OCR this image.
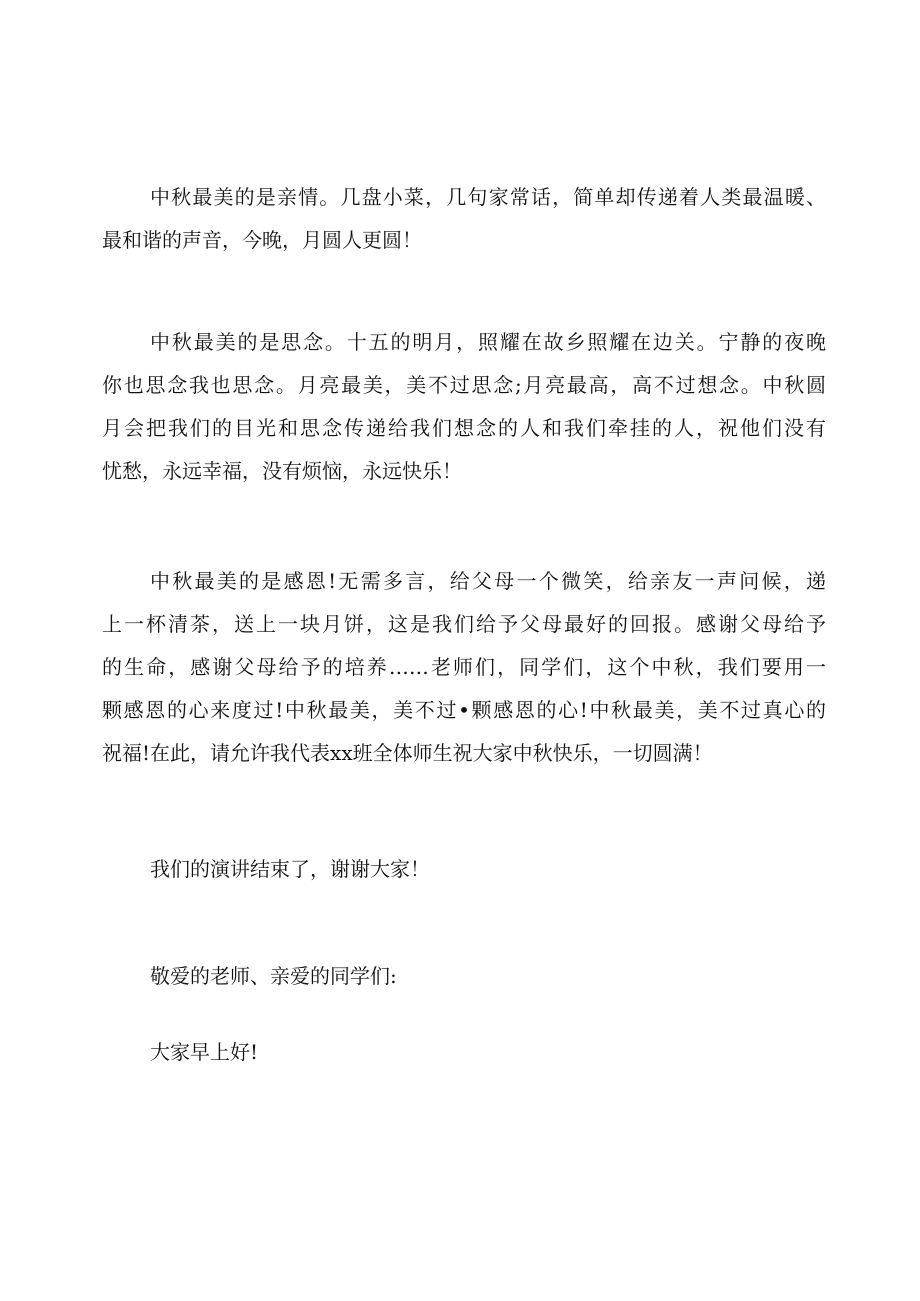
中秋最美的是亲情。几盘小菜，几句家常话，简单却传递着人类最温暖、
最和谐的声音，今晚，月圆人更圆！
中秋最美的是思念。十五的明月，照耀在故乡照耀在边关。宁静的夜晚
你也思念我也思念。月亮最美，美不过思念;月亮最高，高不过想念。中秋圆
月会把我们的目光和思念传递给我们想念的人和我们牵挂的人，祝他们没有
忧愁，永远幸福，没有烦恼，永远快乐！
中秋最美的是感恩!无需多言，给父母一个微笑，给亲友一声问候，递
上一杯清茶，送上一块月饼，这是我们给予父母最好的回报。感谢父母给予
的生命，感谢父母给予的培养……老师们，同学们，这个中秋，我们要用一
颗感恩的心来度过!中秋最美，美不过•颗感恩的心!中秋最美，美不过真心的
祝福!在此，请允许我代表xx班全体师生祝大家中秋快乐，一切圆满！
我们的演讲结束了，谢谢大家！
敬爱的老师、亲爱的同学们:
大家早上好!
